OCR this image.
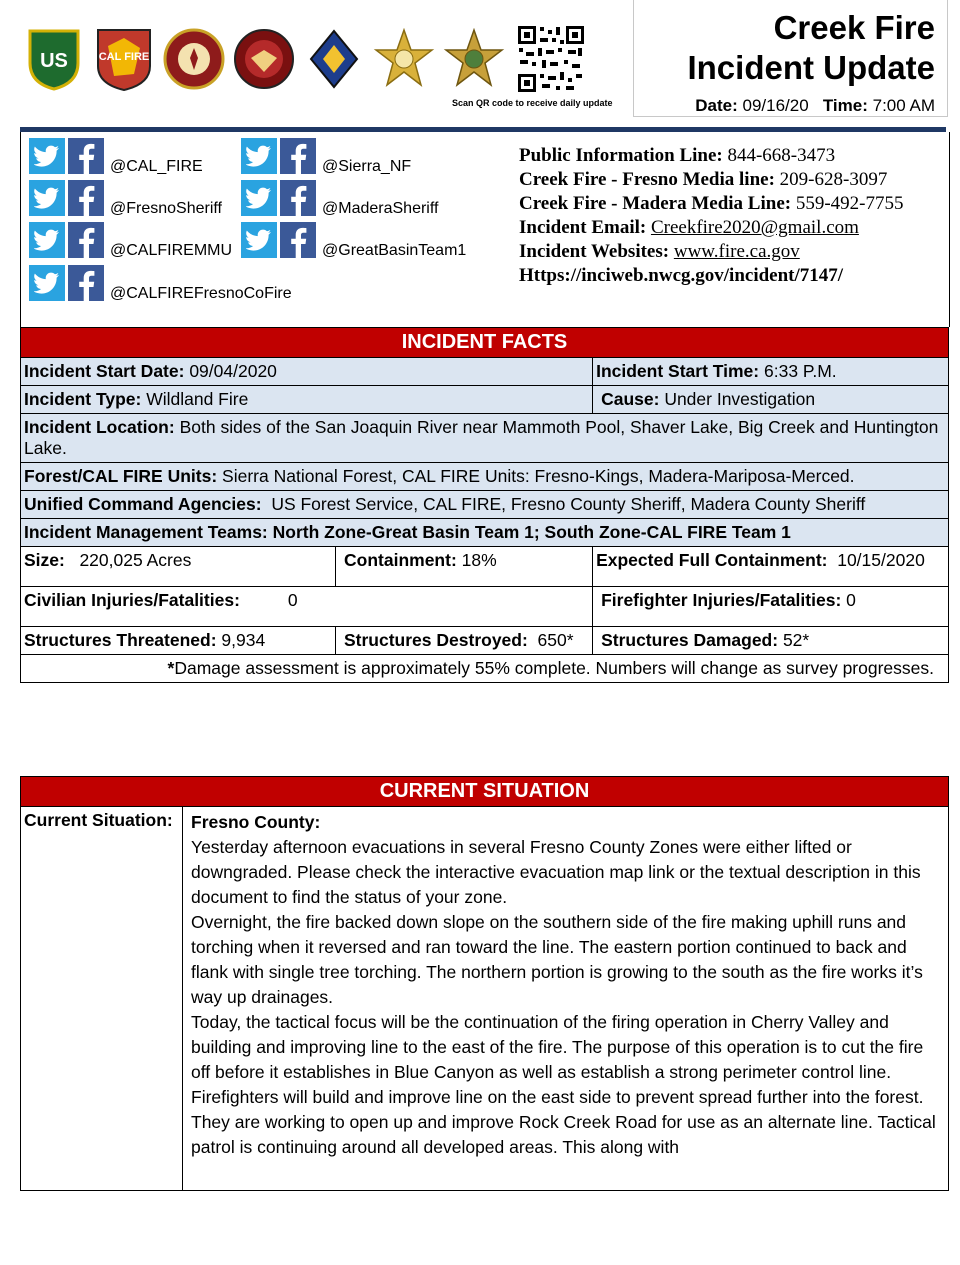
US	CAL FIRE
Scan QR code to receive daily update
Creek Fire
Incident Update
Date: 09/16/20 Time: 7:00 AM
@CAL_FIRE	@Sierra_NF
@FresnoSheriff	@MaderaSheriff
@CALFIREMMU	@GreatBasinTeam1
@CALFIREFresnoCoFire
Public Information Line: 844-668-3473
Creek Fire - Fresno Media line: 209-628-3097
Creek Fire - Madera Media Line: 559-492-7755
Incident Email: Creekfire2020@gmail.com
Incident Websites: www.fire.ca.gov
Https://inciweb.nwcg.gov/incident/7147/
INCIDENT FACTS		
Incident Start Date: 09/04/2020		Incident Start Time: 6:33 P.M.
Incident Type: Wildland Fire		Cause: Under Investigation
Incident Location: Both sides of the San Joaquin River near Mammoth Pool, Shaver Lake, Big Creek and Huntington Lake.		
Forest/CAL FIRE Units: Sierra National Forest, CAL FIRE Units: Fresno-Kings, Madera-Mariposa-Merced.		
Unified Command Agencies: US Forest Service, CAL FIRE, Fresno County Sheriff, Madera County Sheriff		
Incident Management Teams: North Zone-Great Basin Team 1; South Zone-CAL FIRE Team 1		
Size: 220,025 Acres	Containment: 18%	Expected Full Containment: 10/15/2020
Civilian Injuries/Fatalities: 0		Firefighter Injuries/Fatalities: 0
Structures Threatened: 9,934	Structures Destroyed: 650*	Structures Damaged: 52*
*Damage assessment is approximately 55% complete. Numbers will change as survey progresses.		
CURRENT SITUATION
Current Situation:	Fresno County:

Yesterday afternoon evacuations in several Fresno County Zones were either lifted or downgraded. Please check the interactive evacuation map link or the textual description in this document to find the status of your zone.

Overnight, the fire backed down slope on the southern side of the fire making uphill runs and torching when it reversed and ran toward the line. The eastern portion continued to back and flank with single tree torching. The northern portion is growing to the south as the fire works it’s way up drainages.

Today, the tactical focus will be the continuation of the firing operation in Cherry Valley and building and improving line to the east of the fire. The purpose of this operation is to cut the fire off before it establishes in Blue Canyon as well as establish a strong perimeter control line.

Firefighters will build and improve line on the east side to prevent spread further into the forest. They are working to open up and improve Rock Creek Road for use as an alternate line. Tactical patrol is continuing around all developed areas. This along with
